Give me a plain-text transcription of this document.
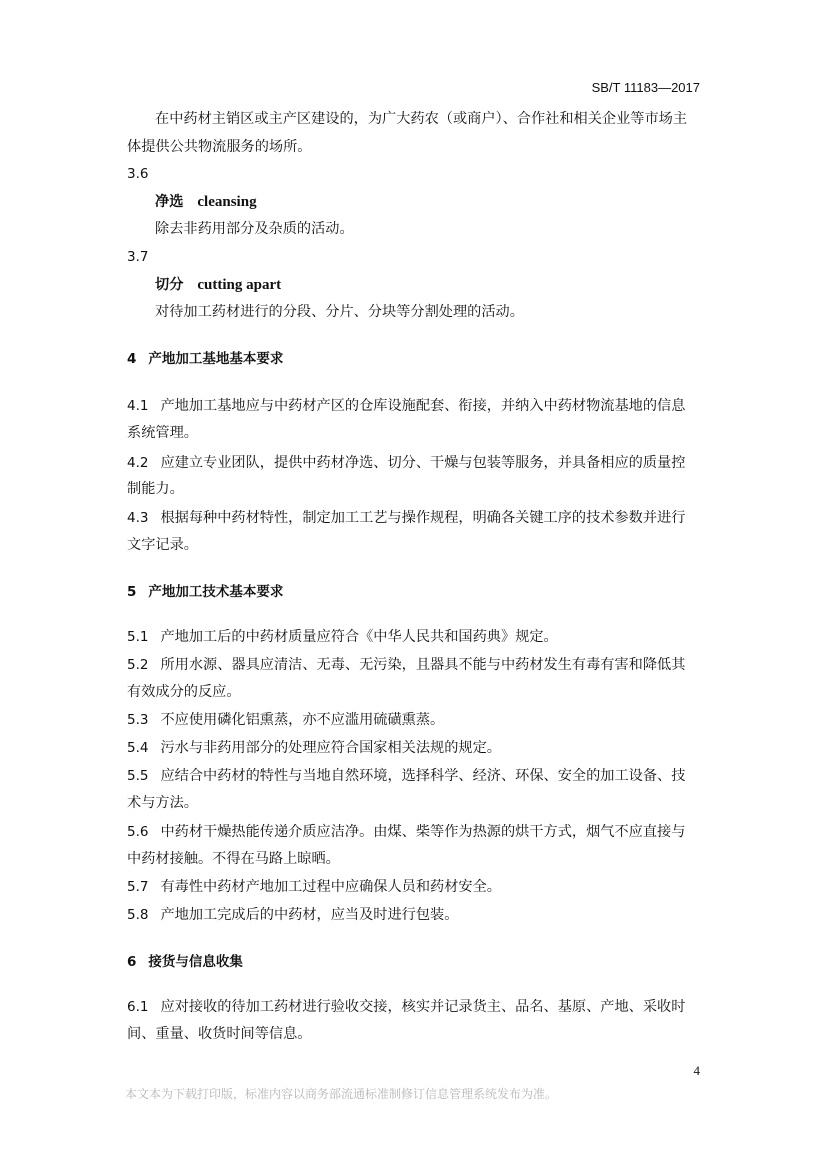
SB/T 11183—2017
在中药材主销区或主产区建设的，为广大药农（或商户）、合作社和相关企业等市场主
体提供公共物流服务的场所。
3.6
净选 cleansing
除去非药用部分及杂质的活动。
3.7
切分 cutting apart
对待加工药材进行的分段、分片、分块等分割处理的活动。
4 产地加工基地基本要求
4.1 产地加工基地应与中药材产区的仓库设施配套、衔接，并纳入中药材物流基地的信息
系统管理。
4.2 应建立专业团队，提供中药材净选、切分、干燥与包装等服务，并具备相应的质量控
制能力。
4.3 根据每种中药材特性，制定加工工艺与操作规程，明确各关键工序的技术参数并进行
文字记录。
5 产地加工技术基本要求
5.1 产地加工后的中药材质量应符合《中华人民共和国药典》规定。
5.2 所用水源、器具应清洁、无毒、无污染，且器具不能与中药材发生有毒有害和降低其
有效成分的反应。
5.3 不应使用磷化铝熏蒸，亦不应滥用硫磺熏蒸。
5.4 污水与非药用部分的处理应符合国家相关法规的规定。
5.5 应结合中药材的特性与当地自然环境，选择科学、经济、环保、安全的加工设备、技
术与方法。
5.6 中药材干燥热能传递介质应洁净。由煤、柴等作为热源的烘干方式，烟气不应直接与
中药材接触。不得在马路上晾晒。
5.7 有毒性中药材产地加工过程中应确保人员和药材安全。
5.8 产地加工完成后的中药材，应当及时进行包装。
6 接货与信息收集
6.1 应对接收的待加工药材进行验收交接，核实并记录货主、品名、基原、产地、采收时
间、重量、收货时间等信息。
4
本文本为下载打印版，标准内容以商务部流通标准制修订信息管理系统发布为准。
